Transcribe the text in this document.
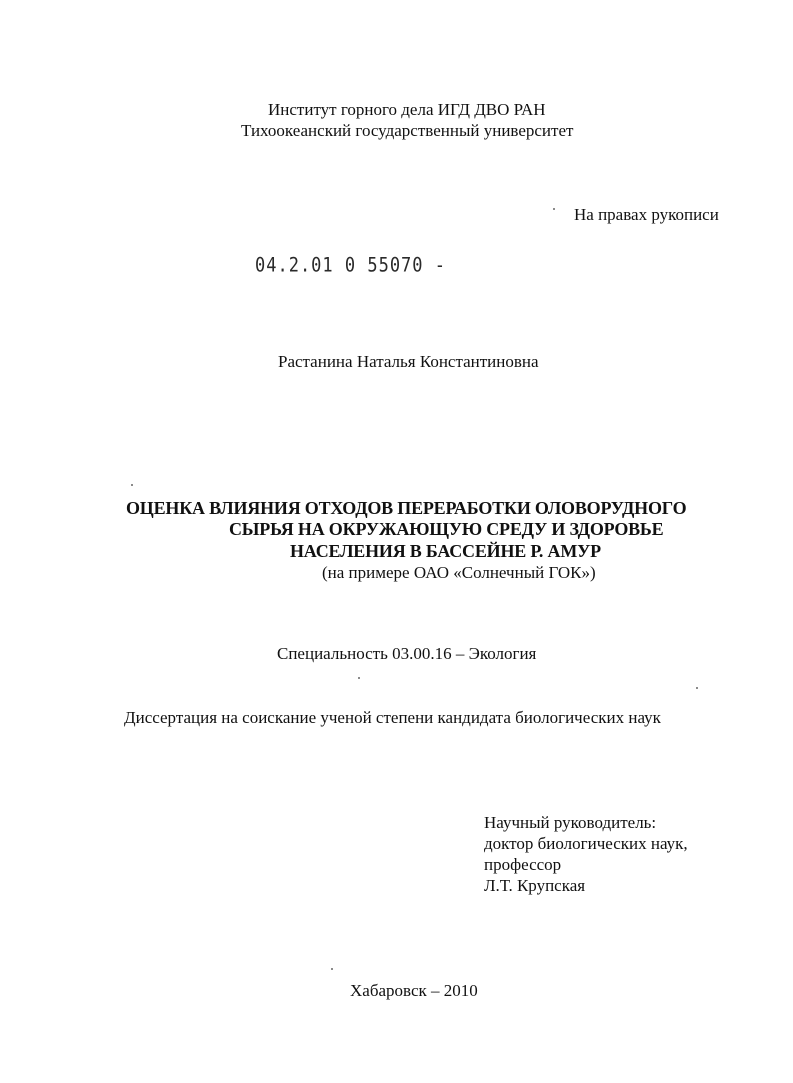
Институт горного дела ИГД ДВО РАН
Тихоокеанский государственный университет
На правах рукописи
04.2.01 0 55070 -
Растанина Наталья Константиновна
ОЦЕНКА ВЛИЯНИЯ ОТХОДОВ ПЕРЕРАБОТКИ ОЛОВОРУДНОГО
СЫРЬЯ НА ОКРУЖАЮЩУЮ СРЕДУ И ЗДОРОВЬЕ
НАСЕЛЕНИЯ В БАССЕЙНЕ Р. АМУР
(на примере ОАО «Солнечный ГОК»)
Специальность 03.00.16 – Экология
Диссертация на соискание ученой степени кандидата биологических наук
Научный руководитель:
доктор биологических наук,
профессор
Л.Т. Крупская
Хабаровск – 2010
